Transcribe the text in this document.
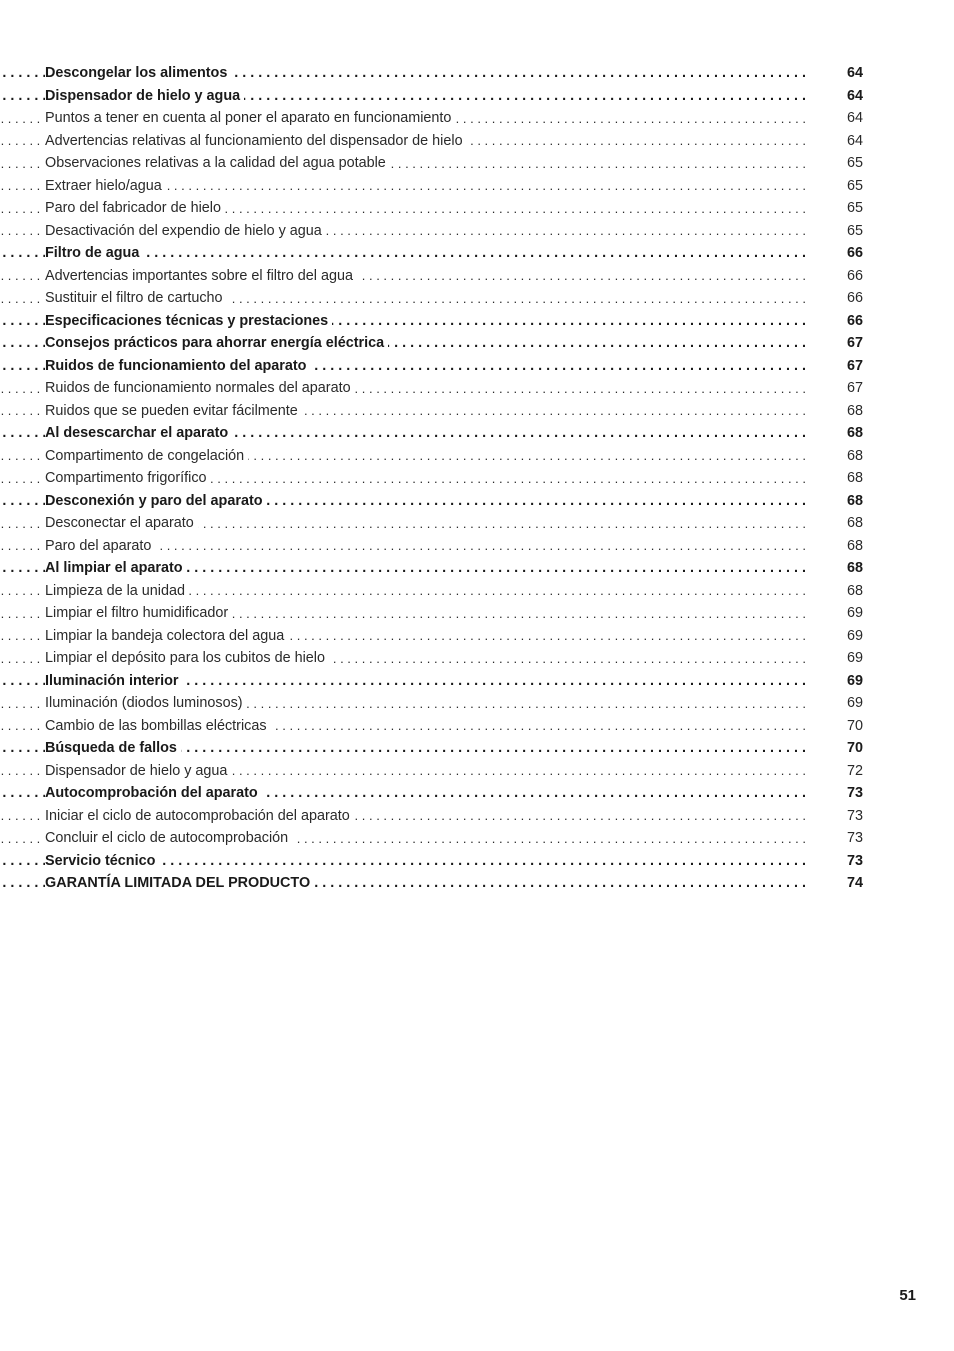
. . .
Descongelar los alimentos	64
. . .
Dispensador de hielo y agua	64
. . .
Puntos a tener en cuenta al poner el aparato en funcionamiento	64
. . .
Advertencias relativas al funcionamiento del dispensador de hielo	64
. . .
Observaciones relativas a la calidad del agua potable	65
. . .
Extraer hielo/agua	65
. . .
Paro del fabricador de hielo	65
. . .
Desactivación del expendio de hielo y agua	65
. . .
Filtro de agua	66
. . .
Advertencias importantes sobre el filtro del agua	66
. . .
Sustituir el filtro de cartucho	66
. . .
Especificaciones técnicas y prestaciones	66
. . .
Consejos prácticos para ahorrar energía eléctrica	67
. . .
Ruidos de funcionamiento del aparato	67
. . .
Ruidos de funcionamiento normales del aparato	67
. . .
Ruidos que se pueden evitar fácilmente	68
. . .
Al desescarchar el aparato	68
. . .
Compartimento de congelación	68
. . .
Compartimento frigorífico	68
. . .
Desconexión y paro del aparato	68
. . .
Desconectar el aparato	68
. . .
Paro del aparato	68
. . .
Al limpiar el aparato	68
. . .
Limpieza de la unidad	68
. . .
Limpiar el filtro humidificador	69
. . .
Limpiar la bandeja colectora del agua	69
. . .
Limpiar el depósito para los cubitos de hielo	69
. . .
Iluminación interior	69
. . .
Iluminación (diodos luminosos)	69
. . .
Cambio de las bombillas eléctricas	70
. . .
Búsqueda de fallos	70
. . .
Dispensador de hielo y agua	72
. . .
Autocomprobación del aparato	73
. . .
Iniciar el ciclo de autocomprobación del aparato	73
. . .
Concluir el ciclo de autocomprobación	73
. . .
Servicio técnico	73
. . .
GARANTÍA LIMITADA DEL PRODUCTO	74
51
